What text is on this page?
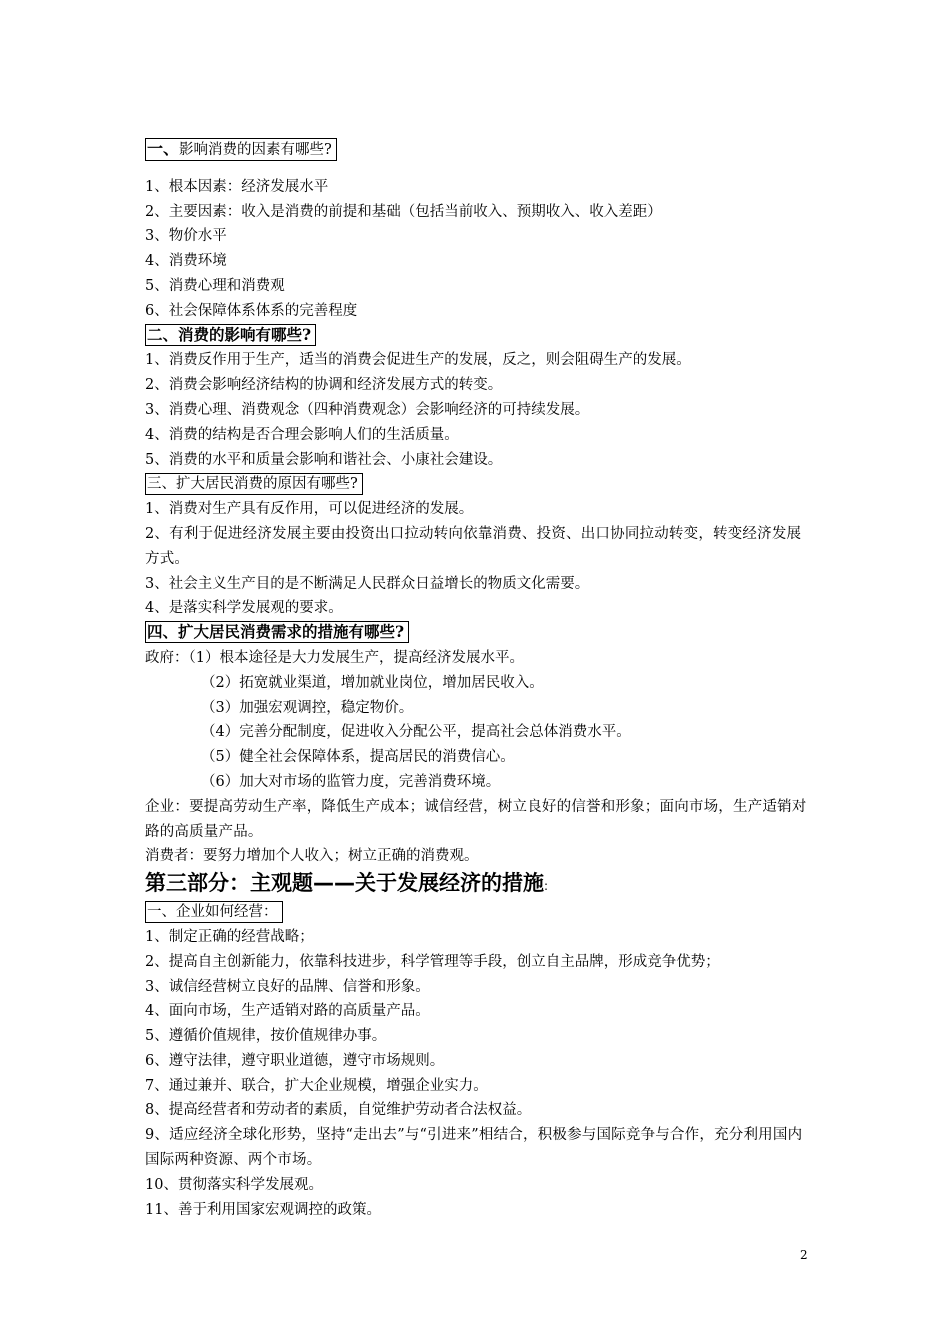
一、影响消费的因素有哪些?
1、根本因素：经济发展水平
2、主要因素：收入是消费的前提和基础（包括当前收入、预期收入、收入差距）
3、物价水平
4、消费环境
5、消费心理和消费观
6、社会保障体系体系的完善程度
二、消费的影响有哪些?
1、消费反作用于生产，适当的消费会促进生产的发展，反之，则会阻碍生产的发展。
2、消费会影响经济结构的协调和经济发展方式的转变。
3、消费心理、消费观念（四种消费观念）会影响经济的可持续发展。
4、消费的结构是否合理会影响人们的生活质量。
5、消费的水平和质量会影响和谐社会、小康社会建设。
三、扩大居民消费的原因有哪些?
1、消费对生产具有反作用，可以促进经济的发展。
2、有利于促进经济发展主要由投资出口拉动转向依靠消费、投资、出口协同拉动转变，转变经济发展方式。
3、社会主义生产目的是不断满足人民群众日益增长的物质文化需要。
4、是落实科学发展观的要求。
四、扩大居民消费需求的措施有哪些?
政府：（1）根本途径是大力发展生产，提高经济发展水平。
（2）拓宽就业渠道，增加就业岗位，增加居民收入。
（3）加强宏观调控，稳定物价。
（4）完善分配制度，促进收入分配公平，提高社会总体消费水平。
（5）健全社会保障体系，提高居民的消费信心。
（6）加大对市场的监管力度，完善消费环境。
企业：要提高劳动生产率，降低生产成本；诚信经营，树立良好的信誉和形象；面向市场，生产适销对路的高质量产品。
消费者：要努力增加个人收入；树立正确的消费观。
第三部分：主观题——关于发展经济的措施:
一、企业如何经营：
1、制定正确的经营战略；
2、提高自主创新能力，依靠科技进步，科学管理等手段，创立自主品牌，形成竞争优势；
3、诚信经营树立良好的品牌、信誉和形象。
4、面向市场，生产适销对路的高质量产品。
5、遵循价值规律，按价值规律办事。
6、遵守法律，遵守职业道德，遵守市场规则。
7、通过兼并、联合，扩大企业规模，增强企业实力。
8、提高经营者和劳动者的素质，自觉维护劳动者合法权益。
9、适应经济全球化形势，坚持“走出去”与“引进来”相结合，积极参与国际竞争与合作，充分利用国内国际两种资源、两个市场。
10、贯彻落实科学发展观。
11、善于利用国家宏观调控的政策。
2
